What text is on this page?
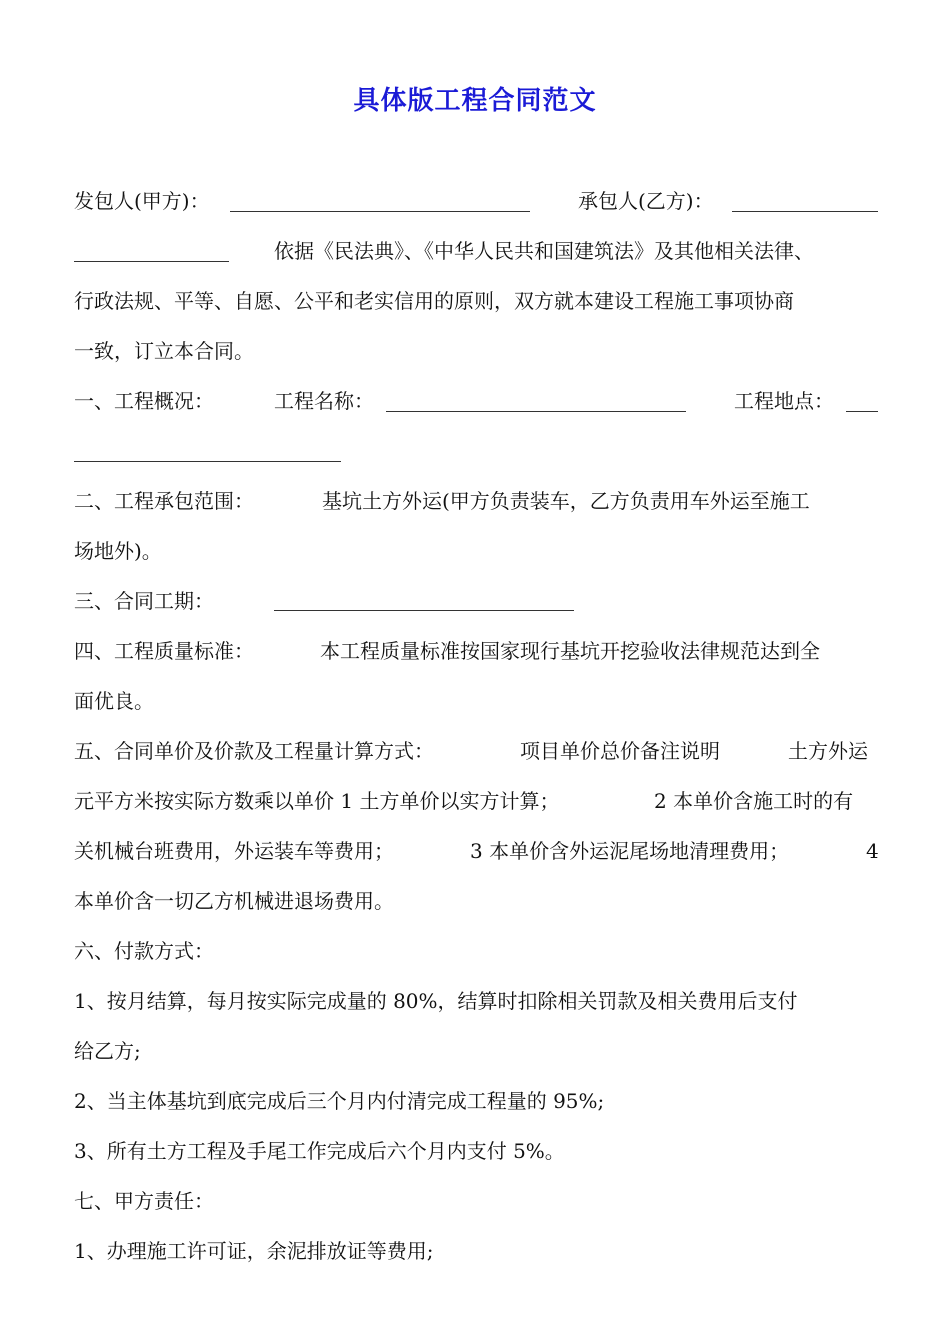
具体版工程合同范文
发包人(甲方)：	承包人(乙方)：
依据《民法典》、《中华人民共和国建筑法》及其他相关法律、
行政法规、平等、自愿、公平和老实信用的原则，双方就本建设工程施工事项协商
一致，订立本合同。
一、工程概况：	工程名称：	工程地点：
二、工程承包范围：	基坑土方外运(甲方负责装车，乙方负责用车外运至施工
场地外)。
三、合同工期：
四、工程质量标准：	本工程质量标准按国家现行基坑开挖验收法律规范达到全
面优良。
五、合同单价及价款及工程量计算方式：	项目单价总价备注说明	土方外运
元平方米按实际方数乘以单价 1 土方单价以实方计算；	2 本单价含施工时的有
关机械台班费用，外运装车等费用；	3 本单价含外运泥尾场地清理费用；	4
本单价含一切乙方机械进退场费用。
六、付款方式：
1、按月结算，每月按实际完成量的 80%，结算时扣除相关罚款及相关费用后支付
给乙方;
2、当主体基坑到底完成后三个月内付清完成工程量的 95%;
3、所有土方工程及手尾工作完成后六个月内支付 5%。
七、甲方责任：
1、办理施工许可证，余泥排放证等费用;
